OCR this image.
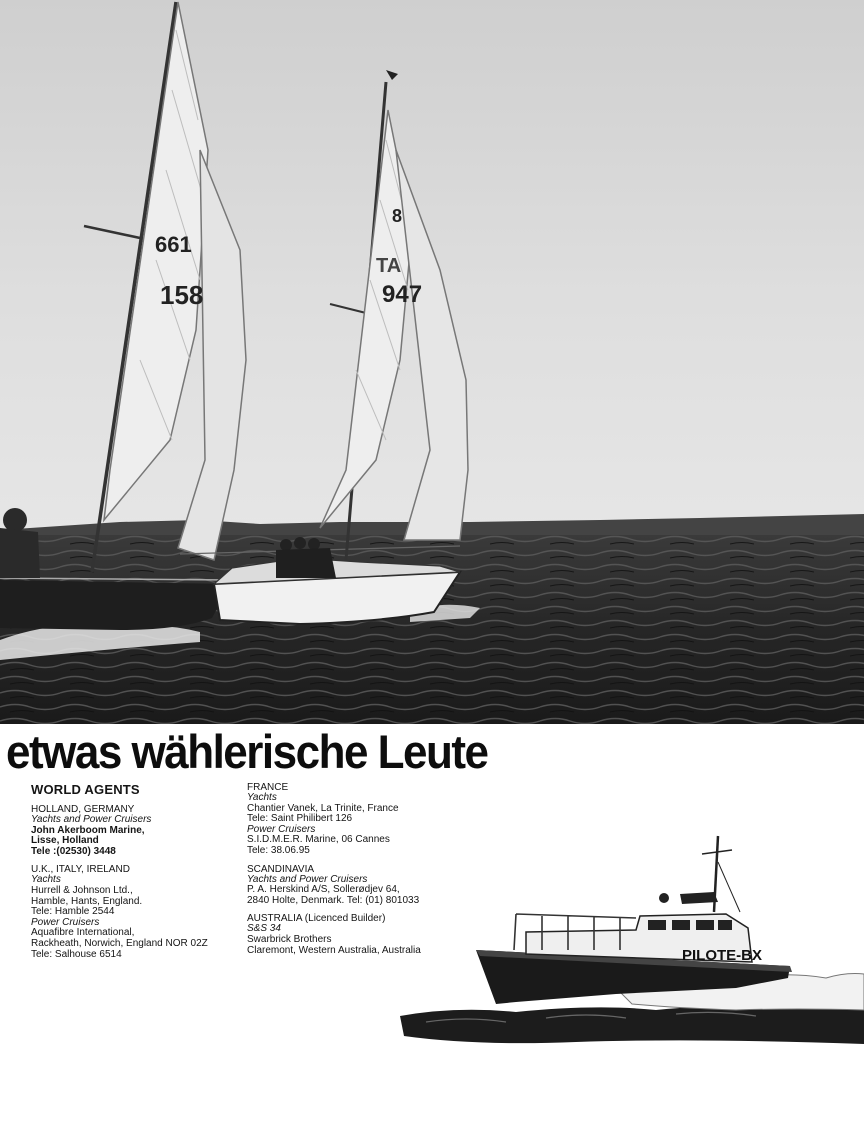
661
158
8
TA
947
etwas wählerische Leute
WORLD AGENTS
HOLLAND, GERMANY
Yachts and Power Cruisers
John Akerboom Marine,
Lisse, Holland
Tele :(02530) 3448
U.K., ITALY, IRELAND
Yachts
Hurrell & Johnson Ltd.,
Hamble, Hants, England.
Tele: Hamble 2544
Power Cruisers
Aquafibre International,
Rackheath, Norwich, England NOR 02Z
Tele: Salhouse 6514
FRANCE
Yachts
Chantier Vanek, La Trinite, France
Tele: Saint Philibert 126
Power Cruisers
S.I.D.M.E.R. Marine, 06 Cannes
Tele: 38.06.95
SCANDINAVIA
Yachts and Power Cruisers
P. A. Herskind A/S, Sollerødjev 64,
2840 Holte, Denmark. Tel: (01) 801033
AUSTRALIA (Licenced Builder)
S&S 34
Swarbrick Brothers
Claremont, Western Australia, Australia	PILOTE-BX
